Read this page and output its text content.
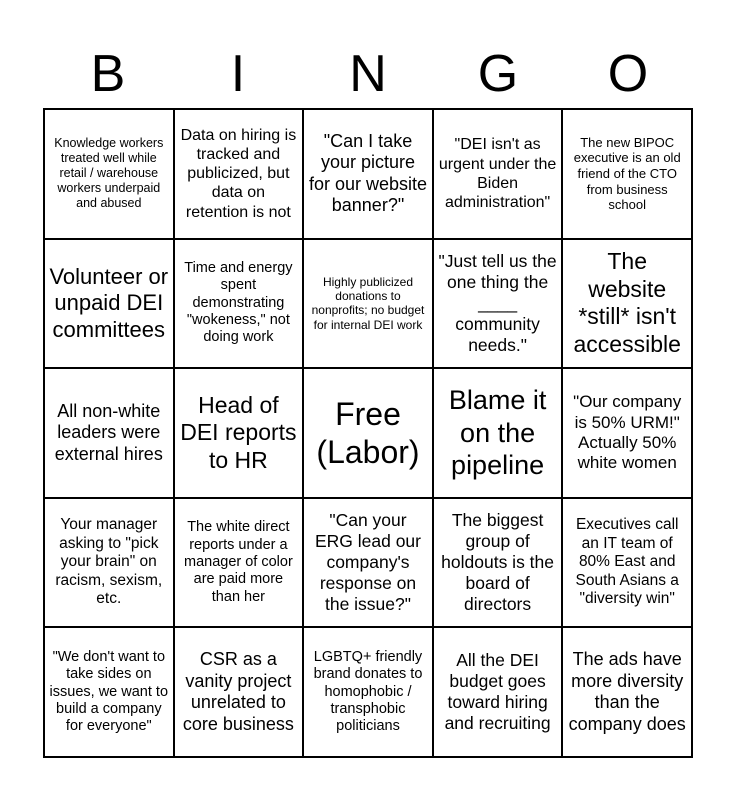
B	I	N	G	O
Knowledge workers treated well while retail / warehouse workers underpaid and abused
Data on hiring is tracked and publicized, but data on retention is not
"Can I take your picture for our website banner?"
"DEI isn't as urgent under the Biden administration"
The new BIPOC executive is an old friend of the CTO from business school
Volunteer or unpaid DEI committees
Time and energy spent demonstrating "wokeness," not doing work
Highly publicized donations to nonprofits; no budget for internal DEI work
"Just tell us the one thing the ____ community needs."
The website *still* isn't accessible
All non-white leaders were external hires
Head of DEI reports to HR
Free (Labor)
Blame it on the pipeline
"Our company is 50% URM!" Actually 50% white women
Your manager asking to "pick your brain" on racism, sexism, etc.
The white direct reports under a manager of color are paid more than her
"Can your ERG lead our company's response on the issue?"
The biggest group of holdouts is the board of directors
Executives call an IT team of 80% East and South Asians a "diversity win"
"We don't want to take sides on issues, we want to build a company for everyone"
CSR as a vanity project unrelated to core business
LGBTQ+ friendly brand donates to homophobic / transphobic politicians
All the DEI budget goes toward hiring and recruiting
The ads have more diversity than the company does
